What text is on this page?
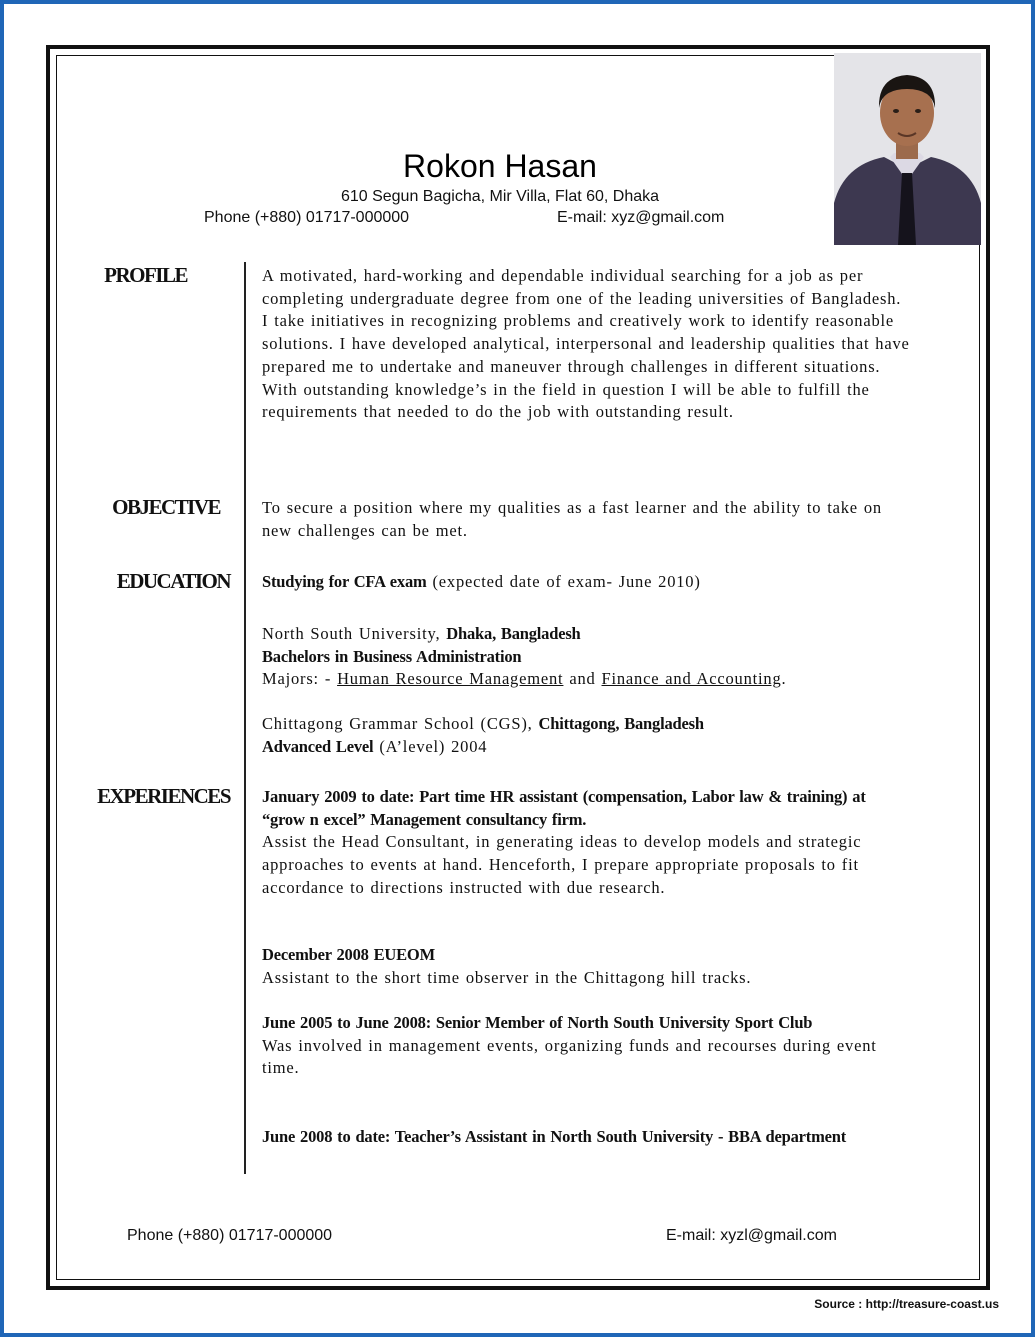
Rokon Hasan
610 Segun Bagicha, Mir Villa, Flat 60, Dhaka
Phone (+880) 01717-000000	E-mail: xyz@gmail.com
PROFILE	A motivated, hard-working and dependable individual searching for a job as per completing undergraduate degree from one of the leading universities of Bangladesh. I take initiatives in recognizing problems and creatively work to identify reasonable solutions. I have developed analytical, interpersonal and leadership qualities that have prepared me to undertake and maneuver through challenges in different situations. With outstanding knowledge’s in the field in question I will be able to fulfill the requirements that needed to do the job with outstanding result.
OBJECTIVE	To secure a position where my qualities as a fast learner and the ability to take on new challenges can be met.
EDUCATION Studying for CFA exam (expected date of exam- June 2010)
North South University, Dhaka, Bangladesh
Bachelors in Business Administration
Majors: - Human Resource Management and Finance and Accounting.
Chittagong Grammar School (CGS), Chittagong, Bangladesh
Advanced Level (A’level) 2004
EXPERIENCES January 2009 to date: Part time HR assistant (compensation, Labor law & training) at “grow n excel” Management consultancy firm.
Assist the Head Consultant, in generating ideas to develop models and strategic approaches to events at hand. Henceforth, I prepare appropriate proposals to fit accordance to directions instructed with due research.
December 2008 EUEOM
Assistant to the short time observer in the Chittagong hill tracks.
June 2005 to June 2008: Senior Member of North South University Sport Club
Was involved in management events, organizing funds and recourses during event time.
June 2008 to date: Teacher’s Assistant in North South University - BBA department
Phone (+880) 01717-000000	E-mail: xyzl@gmail.com
Source : http://treasure-coast.us
